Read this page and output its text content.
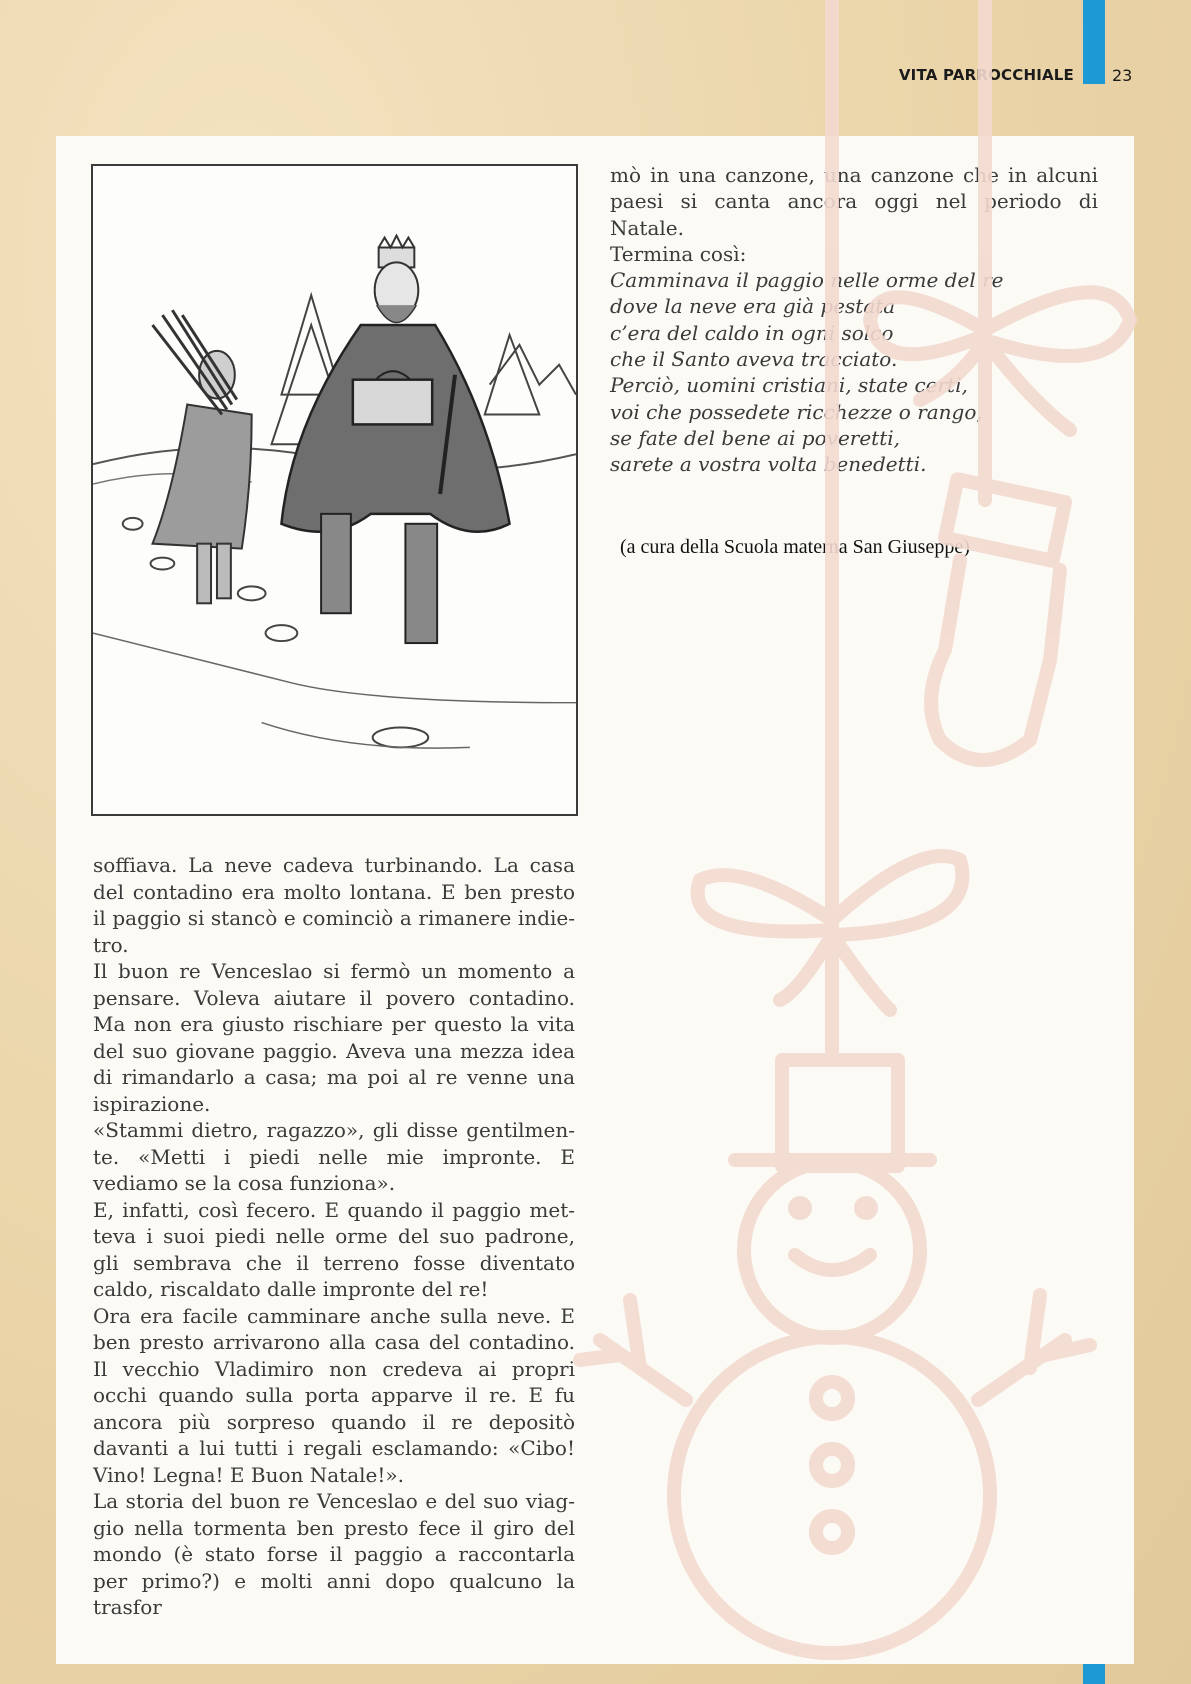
VITA PARROCCHIALE 23

mò in una canzone, una canzone che in alcuni paesi si canta ancora oggi nel periodo di Natale.

Termina così:

Camminava il paggio nelle orme del re

dove la neve era già pestata

c’era del caldo in ogni solco

che il Santo aveva tracciato.

Perciò, uomini cristiani, state certi,

voi che possedete ricchezze o rango,

se fate del bene ai poveretti,

sarete a vostra volta benedetti.

(a cura della Scuola materna San Giuseppe)

soffiava. La neve cadeva turbinando. La casa del contadino era molto lontana. E ben presto il paggio si stancò e cominciò a rimanere indietro.

Il buon re Venceslao si fermò un momento a pensare. Voleva aiutare il povero contadino. Ma non era giusto rischiare per questo la vita del suo giovane paggio. Aveva una mezza idea di rimandarlo a casa; ma poi al re venne una ispirazione.

«Stammi dietro, ragazzo», gli disse gentilmente. «Metti i piedi nelle mie impronte. E vediamo se la cosa funziona».

E, infatti, così fecero. E quando il paggio metteva i suoi piedi nelle orme del suo padrone, gli sembrava che il terreno fosse diventato caldo, riscaldato dalle impronte del re!

Ora era facile camminare anche sulla neve. E ben presto arrivarono alla casa del contadino. Il vecchio Vladimiro non credeva ai propri occhi quando sulla porta apparve il re. E fu ancora più sorpreso quando il re depositò davanti a lui tutti i regali esclamando: «Cibo! Vino! Legna! E Buon Natale!».

La storia del buon re Venceslao e del suo viaggio nella tormenta ben presto fece il giro del mondo (è stato forse il paggio a raccontarla per primo?) e molti anni dopo qualcuno la trasfor
